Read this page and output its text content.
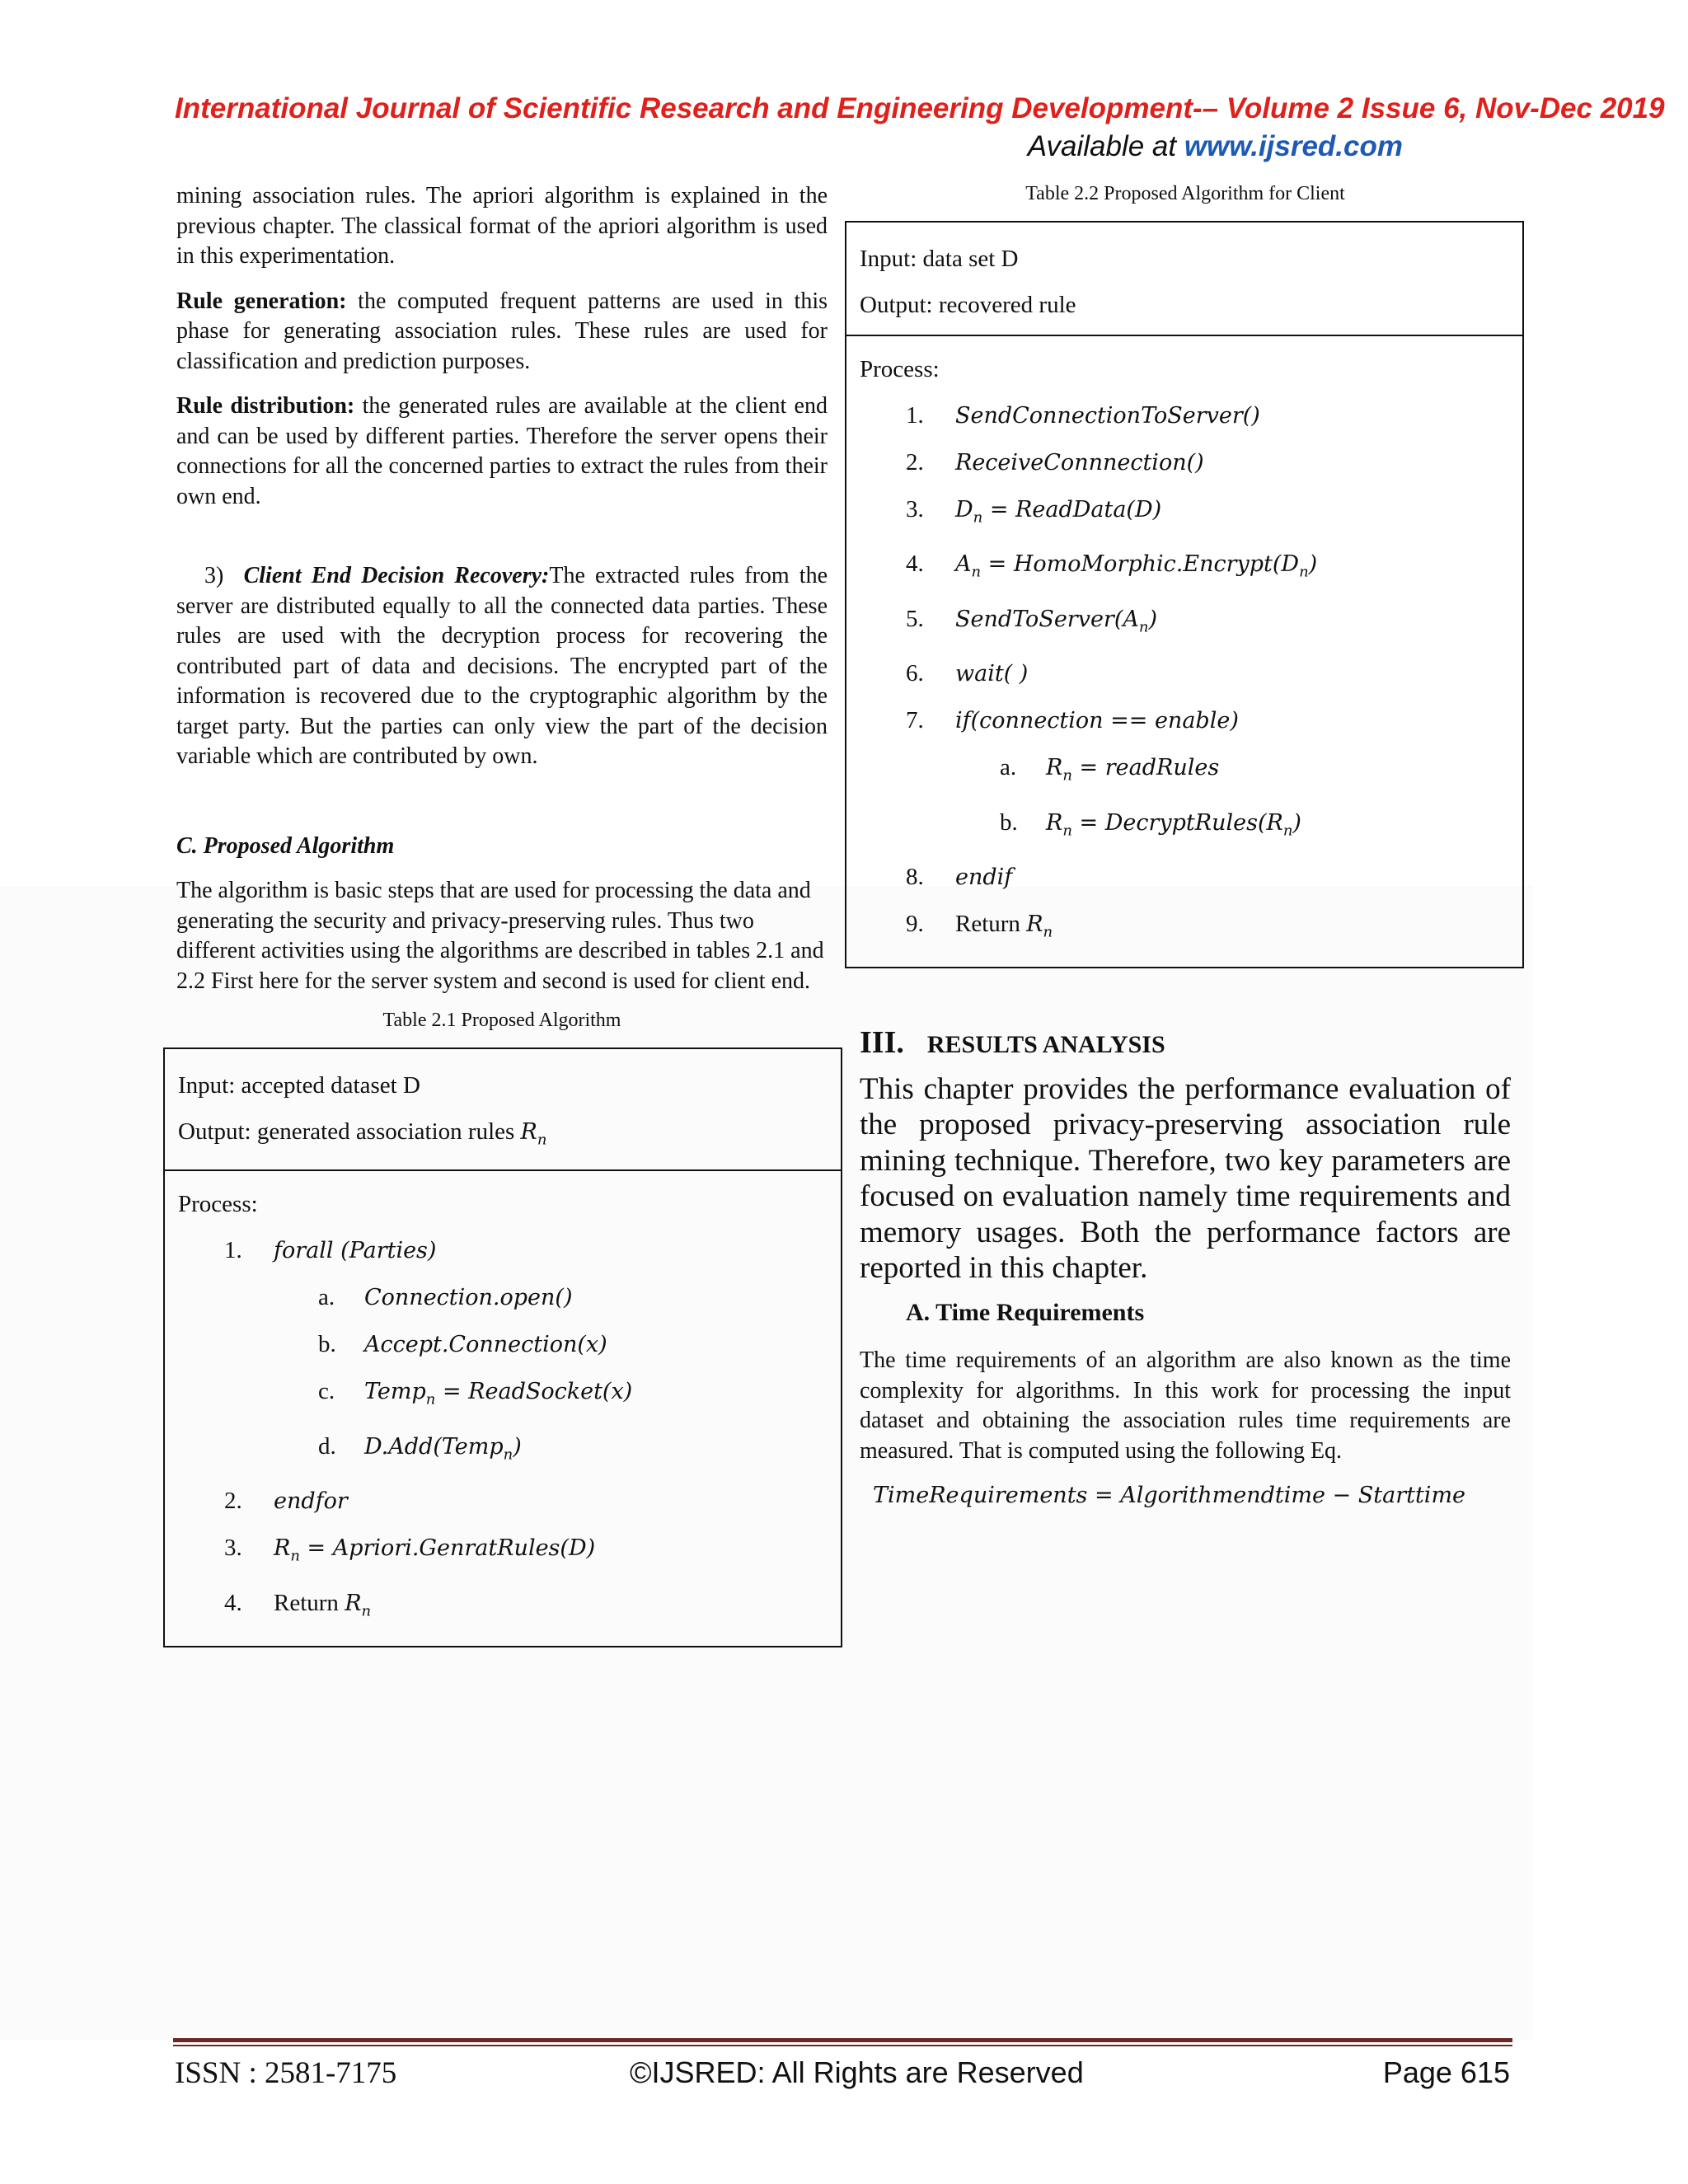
International Journal of Scientific Research and Engineering Development-– Volume 2 Issue 6, Nov-Dec 2019
Available at www.ijsred.com

mining association rules. The apriori algorithm is explained in the previous chapter. The classical format of the apriori algorithm is used in this experimentation.

Rule generation: the computed frequent patterns are used in this phase for generating association rules. These rules are used for classification and prediction purposes.

Rule distribution: the generated rules are available at the client end and can be used by different parties. Therefore the server opens their connections for all the concerned parties to extract the rules from their own end.

3) Client End Decision Recovery:The extracted rules from the server are distributed equally to all the connected data parties. These rules are used with the decryption process for recovering the contributed part of data and decisions. The encrypted part of the information is recovered due to the cryptographic algorithm by the target party. But the parties can only view the part of the decision variable which are contributed by own.

C. Proposed Algorithm

The algorithm is basic steps that are used for processing the data and generating the security and privacy-preserving rules. Thus two different activities using the algorithms are described in tables 2.1 and 2.2 First here for the server system and second is used for client end.

Table 2.1 Proposed Algorithm
Input: accepted dataset D
Output: generated association rules $R_n$
Process:
1. forall (Parties)
a. Connection.open()
b. Accept.Connection(x)
c. Temp$_n$ = ReadSocket(x)
d. D.Add(Temp$_n$)
2. endfor
3. $R_n$ = Apriori.GenratRules(D)
4. Return $R_n$
Table 2.2 Proposed Algorithm for Client
Input: data set D
Output: recovered rule
Process:
1. SendConnectionToServer()
2. ReceiveConnnection()
3. $D_n$ = ReadData(D)
4. $A_n$ = $HomoMorphic.Encrypt(D_n)$
5. $SendToServer(A_n)$
6. wait( )
7. if(connection == enable)
a. $R_n$ = readRules
b. $R_n$ = $DecryptRules(R_n)$
8. endif
9. Return $R_n$
III. RESULTS ANALYSIS

This chapter provides the performance evaluation of the proposed privacy-preserving association rule mining technique. Therefore, two key parameters are focused on evaluation namely time requirements and memory usages. Both the performance factors are reported in this chapter.

A. Time Requirements

The time requirements of an algorithm are also known as the time complexity for algorithms. In this work for processing the input dataset and obtaining the association rules time requirements are measured. That is computed using the following Eq.

TimeRequirements = Algorithmendtime − Starttime
ISSN : 2581-7175	©IJSRED: All Rights are Reserved	Page 615
